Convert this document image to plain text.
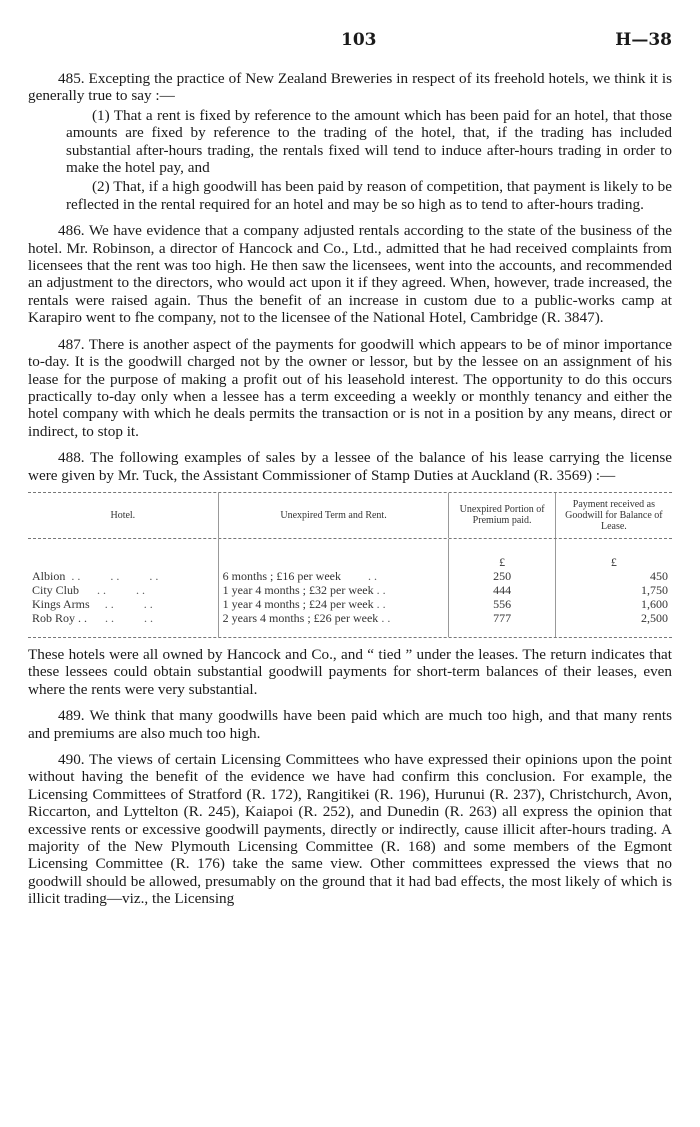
103	H—38

485. Excepting the practice of New Zealand Breweries in respect of its freehold hotels, we think it is generally true to say :—

(1) That a rent is fixed by reference to the amount which has been paid for an hotel, that those amounts are fixed by reference to the trading of the hotel, that, if the trading has included substantial after-hours trading, the rentals fixed will tend to induce after-hours trading in order to make the hotel pay, and

(2) That, if a high goodwill has been paid by reason of competition, that payment is likely to be reflected in the rental required for an hotel and may be so high as to tend to after-hours trading.

486. We have evidence that a company adjusted rentals according to the state of the business of the hotel. Mr. Robinson, a director of Hancock and Co., Ltd., admitted that he had received complaints from licensees that the rent was too high. He then saw the licensees, went into the accounts, and recommended an adjustment to the directors, who would act upon it if they agreed. When, however, trade increased, the rentals were raised again. Thus the benefit of an increase in custom due to a public-works camp at Karapiro went to fhe company, not to the licensee of the National Hotel, Cambridge (R. 3847).

487. There is another aspect of the payments for goodwill which appears to be of minor importance to-day. It is the goodwill charged not by the owner or lessor, but by the lessee on an assignment of his lease for the purpose of making a profit out of his leasehold interest. The opportunity to do this occurs practically to-day only when a lessee has a term exceeding a weekly or monthly tenancy and either the hotel company with which he deals permits the transaction or is not in a position by any means, direct or indirect, to stop it.

488. The following examples of sales by a lessee of the balance of his lease carrying the license were given by Mr. Tuck, the Assistant Commissioner of Stamp Duties at Auckland (R. 3569) :—

Hotel.	Unexpired Term and Rent.	Unexpired Portion of Premium paid.	Payment received as Goodwill for Balance of Lease.

		£	£
Albion  . .          . .          . .	6 months ; £16 per week         . .	250	450
City Club      . .          . .	1 year 4 months ; £32 per week . .	444	1,750
Kings Arms     . .          . .	1 year 4 months ; £24 per week . .	556	1,600
Rob Roy . .      . .          . .	2 years 4 months ; £26 per week . .	777	2,500

These hotels were all owned by Hancock and Co., and “ tied ” under the leases. The return indicates that these lessees could obtain substantial goodwill payments for short-term balances of their leases, even where the rents were very substantial.

489. We think that many goodwills have been paid which are much too high, and that many rents and premiums are also much too high.

490. The views of certain Licensing Committees who have expressed their opinions upon the point without having the benefit of the evidence we have had confirm this conclusion. For example, the Licensing Committees of Stratford (R. 172), Rangitikei (R. 196), Hurunui (R. 237), Christchurch, Avon, Riccarton, and Lyttelton (R. 245), Kaiapoi (R. 252), and Dunedin (R. 263) all express the opinion that excessive rents or excessive goodwill payments, directly or indirectly, cause illicit after-hours trading. A majority of the New Plymouth Licensing Committee (R. 168) and some members of the Egmont Licensing Committee (R. 176) take the same view. Other committees expressed the views that no goodwill should be allowed, presumably on the ground that it had bad effects, the most likely of which is illicit trading—viz., the Licensing
